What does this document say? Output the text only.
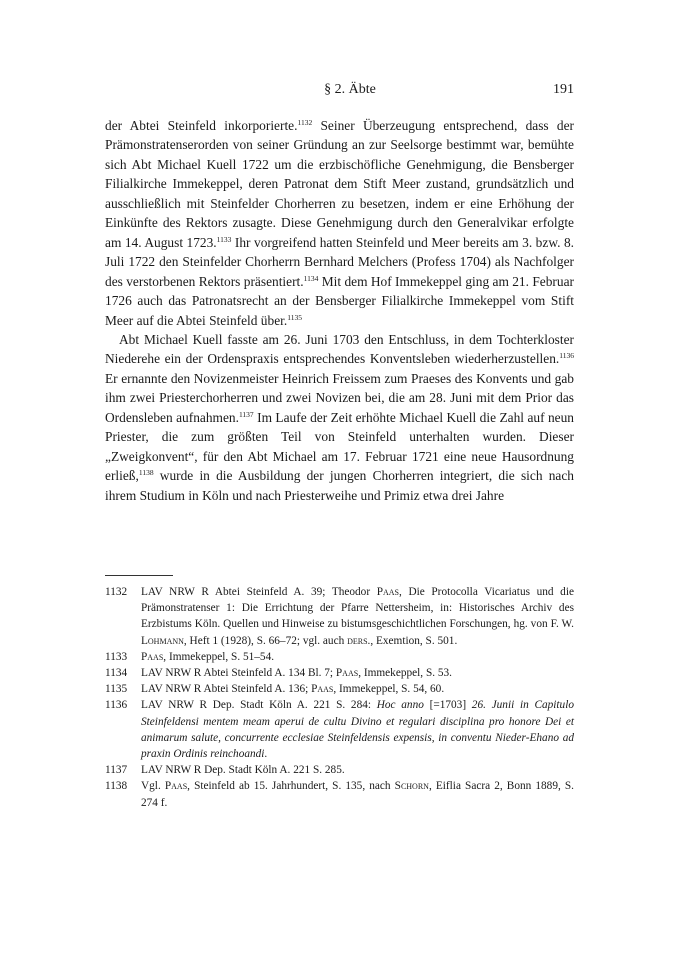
§ 2. Äbte	191

der Abtei Steinfeld inkorporierte.$^{1132}$ Seiner Überzeugung entsprechend, dass der Prämonstratenserorden von seiner Gründung an zur Seelsorge bestimmt war, bemühte sich Abt Michael Kuell 1722 um die erzbischöfliche Genehmigung, die Bensberger Filialkirche Immekeppel, deren Patronat dem Stift Meer zustand, grundsätzlich und ausschließlich mit Steinfelder Chorherren zu besetzen, indem er eine Erhöhung der Einkünfte des Rektors zusagte. Diese Genehmigung durch den Generalvikar erfolgte am 14. August 1723.$^{1133}$ Ihr vorgreifend hatten Steinfeld und Meer bereits am 3. bzw. 8. Juli 1722 den Steinfelder Chorherrn Bernhard Melchers (Profess 1704) als Nachfolger des verstorbenen Rektors präsentiert.$^{1134}$ Mit dem Hof Immekeppel ging am 21. Februar 1726 auch das Patronatsrecht an der Bensberger Filialkirche Immekeppel vom Stift Meer auf die Abtei Steinfeld über.$^{1135}$

Abt Michael Kuell fasste am 26. Juni 1703 den Entschluss, in dem Tochterkloster Niederehe ein der Ordenspraxis entsprechendes Konventsleben wiederherzustellen.$^{1136}$ Er ernannte den Novizenmeister Heinrich Freissem zum Praeses des Konvents und gab ihm zwei Priesterchorherren und zwei Novizen bei, die am 28. Juni mit dem Prior das Ordensleben aufnahmen.$^{1137}$ Im Laufe der Zeit erhöhte Michael Kuell die Zahl auf neun Priester, die zum größten Teil von Steinfeld unterhalten wurden. Dieser „Zweigkonvent“, für den Abt Michael am 17. Februar 1721 eine neue Hausordnung erließ,$^{1138}$ wurde in die Ausbildung der jungen Chorherren integriert, die sich nach ihrem Studium in Köln und nach Priesterweihe und Primiz etwa drei Jahre

1132	LAV NRW R Abtei Steinfeld A. 39; Theodor Paas, Die Protocolla Vicariatus und die Prämonstratenser 1: Die Errichtung der Pfarre Nettersheim, in: Historisches Archiv des Erzbistums Köln. Quellen und Hinweise zu bistumsgeschichtlichen Forschungen, hg. von F. W. Lohmann, Heft 1 (1928), S. 66–72; vgl. auch ders., Exemtion, S. 501.
1133	Paas, Immekeppel, S. 51–54.
1134	LAV NRW R Abtei Steinfeld A. 134 Bl. 7; Paas, Immekeppel, S. 53.
1135	LAV NRW R Abtei Steinfeld A. 136; Paas, Immekeppel, S. 54, 60.
1136	LAV NRW R Dep. Stadt Köln A. 221 S. 284: Hoc anno [=1703] 26. Junii in Capitulo Steinfeldensi mentem meam aperui de cultu Divino et regulari disciplina pro honore Dei et animarum salute, concurrente ecclesiae Steinfeldensis expensis, in conventu Nieder-Ehano ad praxin Ordinis reinchoandi.
1137	LAV NRW R Dep. Stadt Köln A. 221 S. 285.
1138	Vgl. Paas, Steinfeld ab 15. Jahrhundert, S. 135, nach Schorn, Eiflia Sacra 2, Bonn 1889, S. 274 f.
